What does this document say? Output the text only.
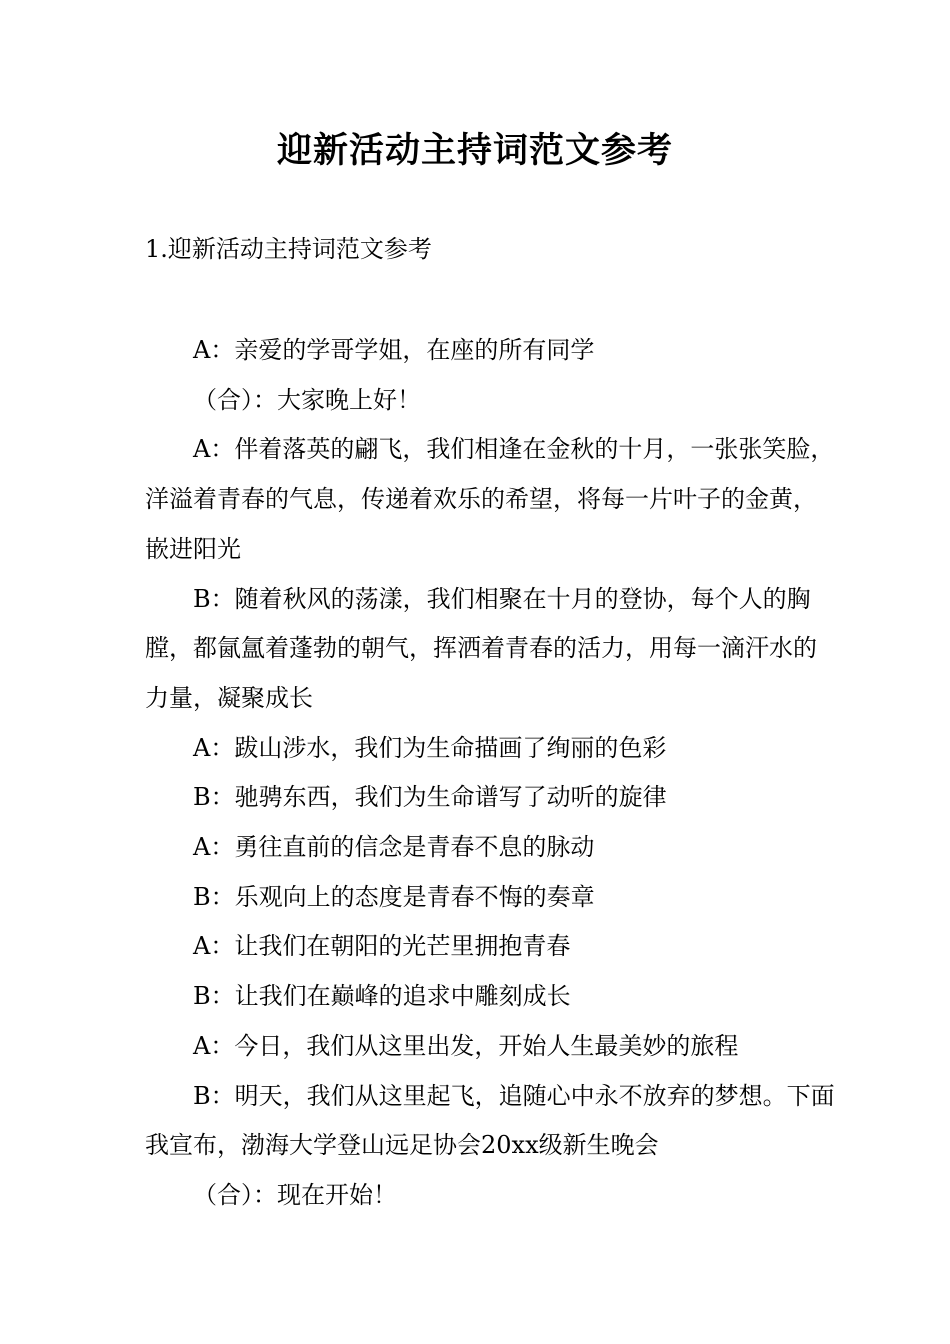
迎新活动主持词范文参考
1.迎新活动主持词范文参考

A：亲爱的学哥学姐，在座的所有同学

（合）：大家晚上好！

A：伴着落英的翩飞，我们相逢在金秋的十月，一张张笑脸，洋溢着青春的气息，传递着欢乐的希望，将每一片叶子的金黄，嵌进阳光

B：随着秋风的荡漾，我们相聚在十月的登协，每个人的胸膛，都氤氲着蓬勃的朝气，挥洒着青春的活力，用每一滴汗水的力量，凝聚成长

A：跋山涉水，我们为生命描画了绚丽的色彩

B：驰骋东西，我们为生命谱写了动听的旋律

A：勇往直前的信念是青春不息的脉动

B：乐观向上的态度是青春不悔的奏章

A：让我们在朝阳的光芒里拥抱青春

B：让我们在巅峰的追求中雕刻成长

A：今日，我们从这里出发，开始人生最美妙的旅程

B：明天，我们从这里起飞，追随心中永不放弃的梦想。下面我宣布，渤海大学登山远足协会20xx级新生晚会

（合）：现在开始！
